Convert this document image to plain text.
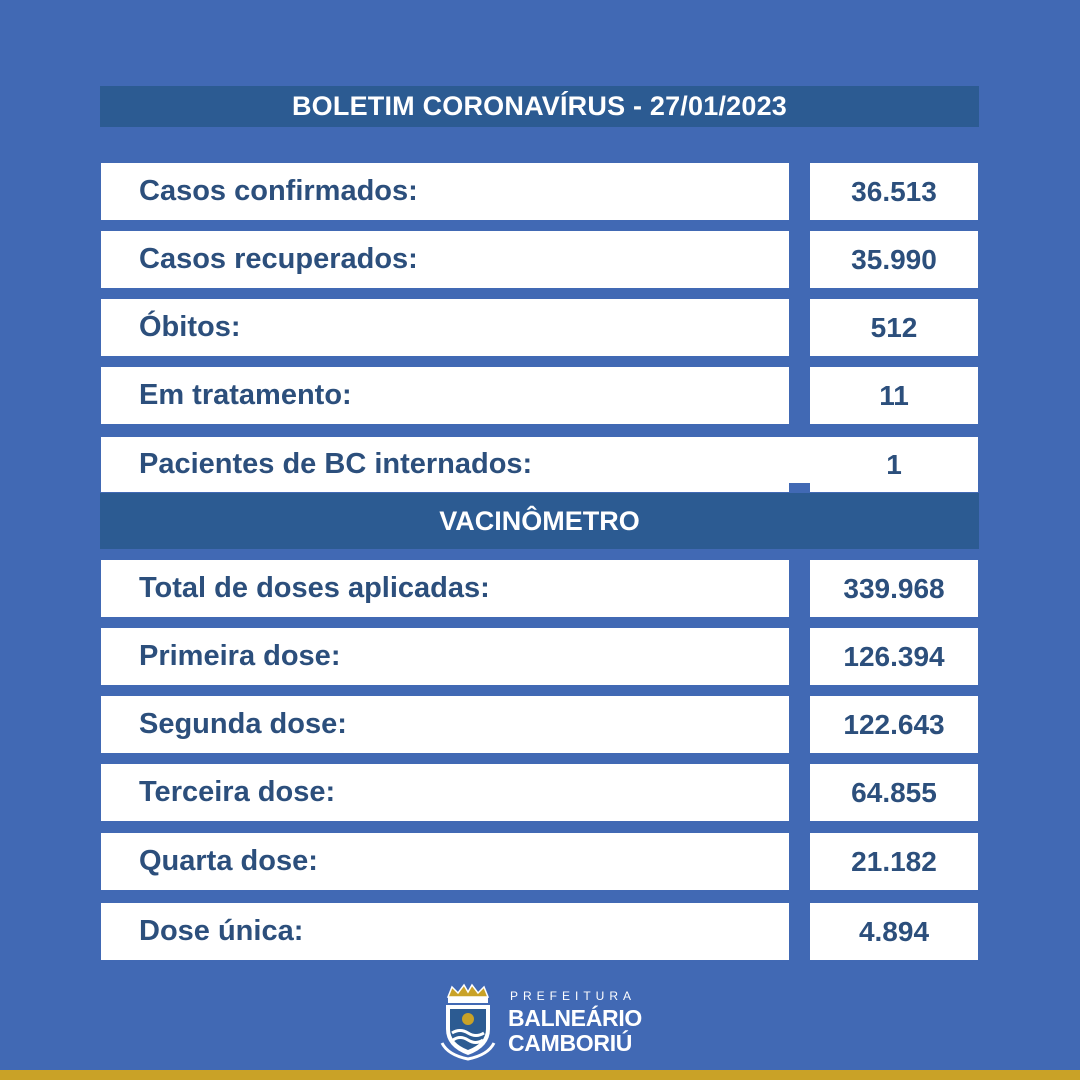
BOLETIM CORONAVÍRUS - 27/01/2023
Casos confirmados:	36.513
Casos recuperados:	35.990
Óbitos:	512
Em tratamento:	11
Pacientes de BC internados:	1
VACINÔMETRO
Total de doses aplicadas:	339.968
Primeira dose:	126.394
Segunda dose:	122.643
Terceira dose:	64.855
Quarta dose:	21.182
Dose única:	4.894
PREFEITURA
BALNEÁRIO
CAMBORIÚ
